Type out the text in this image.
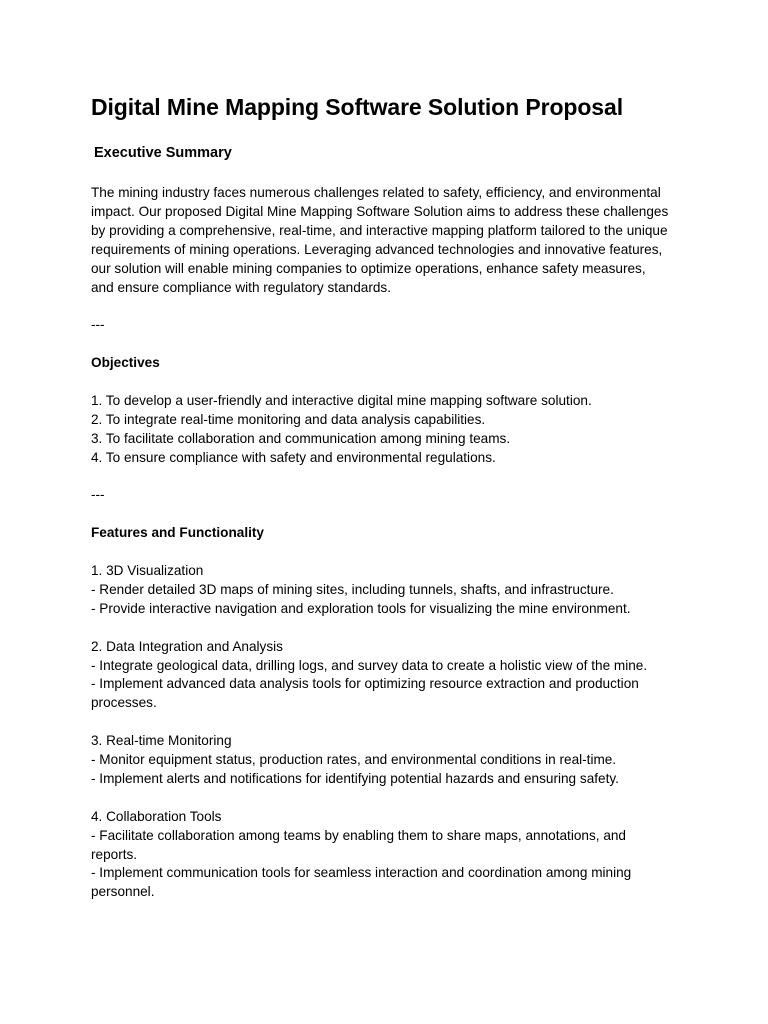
Digital Mine Mapping Software Solution Proposal
Executive Summary
The mining industry faces numerous challenges related to safety, efficiency, and environmental
impact. Our proposed Digital Mine Mapping Software Solution aims to address these challenges
by providing a comprehensive, real-time, and interactive mapping platform tailored to the unique
requirements of mining operations. Leveraging advanced technologies and innovative features,
our solution will enable mining companies to optimize operations, enhance safety measures,
and ensure compliance with regulatory standards.
---
Objectives
1. To develop a user-friendly and interactive digital mine mapping software solution.
2. To integrate real-time monitoring and data analysis capabilities.
3. To facilitate collaboration and communication among mining teams.
4. To ensure compliance with safety and environmental regulations.
---
Features and Functionality
1. 3D Visualization
- Render detailed 3D maps of mining sites, including tunnels, shafts, and infrastructure.
- Provide interactive navigation and exploration tools for visualizing the mine environment.
2. Data Integration and Analysis
- Integrate geological data, drilling logs, and survey data to create a holistic view of the mine.
- Implement advanced data analysis tools for optimizing resource extraction and production
processes.
3. Real-time Monitoring
- Monitor equipment status, production rates, and environmental conditions in real-time.
- Implement alerts and notifications for identifying potential hazards and ensuring safety.
4. Collaboration Tools
- Facilitate collaboration among teams by enabling them to share maps, annotations, and
reports.
- Implement communication tools for seamless interaction and coordination among mining
personnel.
